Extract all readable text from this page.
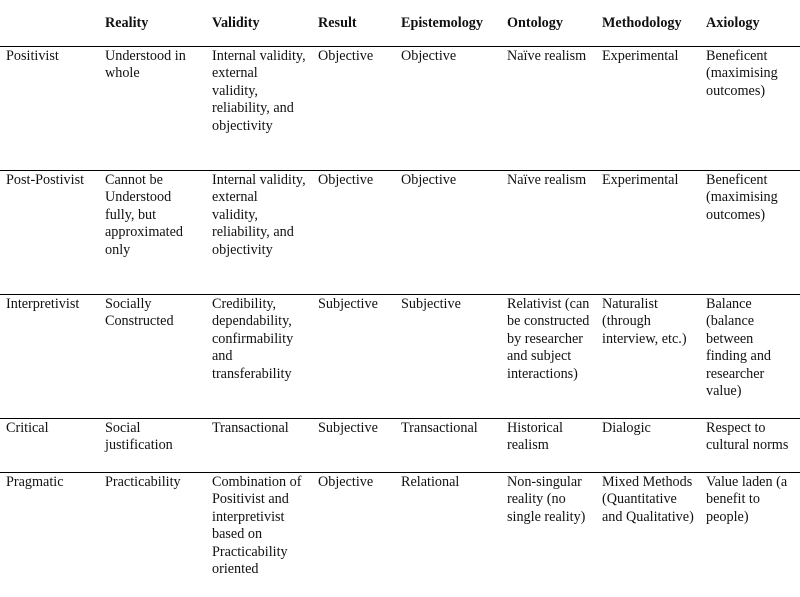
	Reality	Validity	Result	Epistemology	Ontology	Methodology	Axiology
Positivist	Understood in whole	Internal validity, external validity, reliability, and objectivity	Objective	Objective	Naïve realism	Experimental	Beneficent (maximising outcomes)
Post-Postivist	Cannot be Understood fully, but approximated only	Internal validity, external validity, reliability, and objectivity	Objective	Objective	Naïve realism	Experimental	Beneficent (maximising outcomes)
Interpretivist	Socially Constructed	Credibility, dependability, confirmability and transferability	Subjective	Subjective	Relativist (can be constructed by researcher and subject interactions)	Naturalist (through interview, etc.)	Balance (balance between finding and researcher value)
Critical	Social justification	Transactional	Subjective	Transactional	Historical realism	Dialogic	Respect to cultural norms
Pragmatic	Practicability	Combination of Positivist and interpretivist based on Practicability oriented	Objective	Relational	Non-singular reality (no single reality)	Mixed Methods (Quantitative and Qualitative)	Value laden (a benefit to people)
